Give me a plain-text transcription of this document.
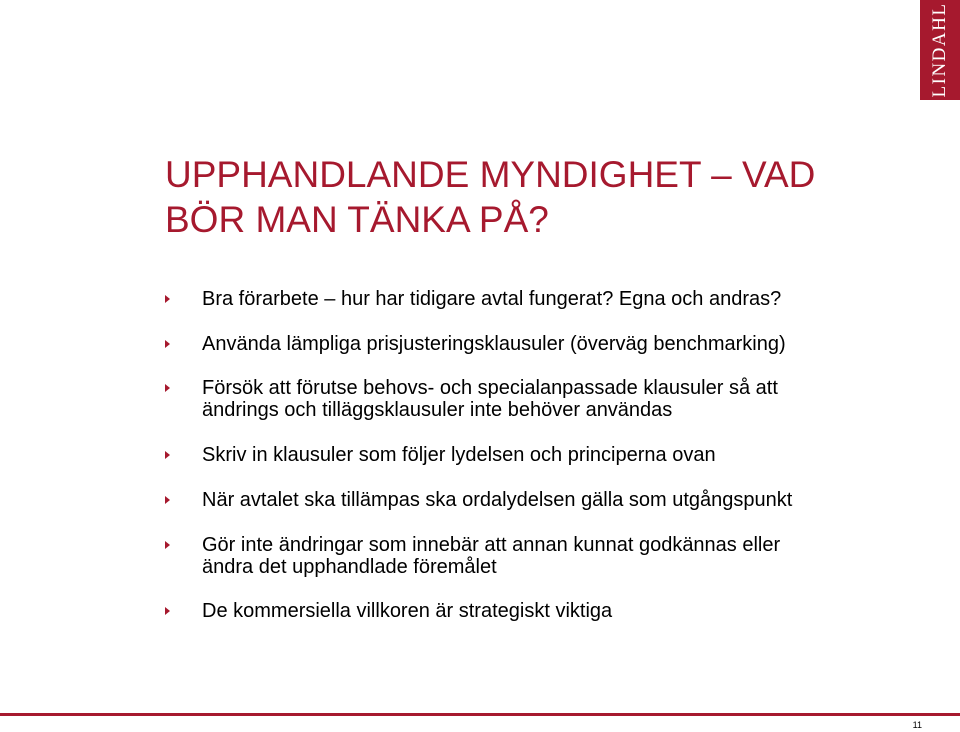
LINDAHL
UPPHANDLANDE MYNDIGHET – VAD
BÖR MAN TÄNKA PÅ?
Bra förarbete – hur har tidigare avtal fungerat? Egna och andras?
Använda lämpliga prisjusteringsklausuler (överväg benchmarking)
Försök att förutse behovs- och specialanpassade klausuler så att
ändrings och tilläggsklausuler inte behöver användas
Skriv in klausuler som följer lydelsen och principerna ovan
När avtalet ska tillämpas ska ordalydelsen gälla som utgångspunkt
Gör inte ändringar som innebär att annan kunnat godkännas eller
ändra det upphandlade föremålet
De kommersiella villkoren är strategiskt viktiga
11
